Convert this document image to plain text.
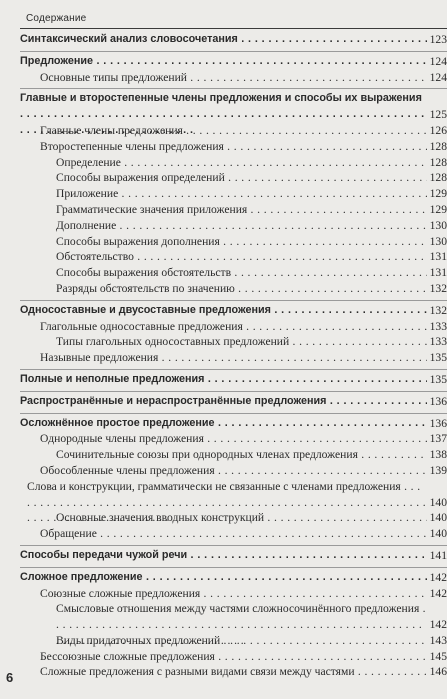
Содержание
Синтаксический анализ словосочетания . . .	123
Предложение . . .	124
Основные типы предложений . . .	124
Главные и второстепенные члены предложения и способы их выражения . . .
125
Главные члены предложения . . .	126
Второстепенные члены предложения . . .	128
Определение . . .	128
Способы выражения определений . . .	128
Приложение . . .	129
Грамматические значения приложения . . .	129
Дополнение . . .	130
Способы выражения дополнения . . .	130
Обстоятельство . . .	131
Способы выражения обстоятельств . . .	131
Разряды обстоятельств по значению . . .	132
Односоставные и двусоставные предложения . . .	132
Глагольные односоставные предложения . . .	133
Типы глагольных односоставных предложений . . .	133
Назывные предложения . . .	135
Полные и неполные предложения . . .	135
Распространённые и нераспространённые предложения . . .	136
Осложнённое простое предложение . . .	136
Однородные члены предложения . . .	137
Сочинительные союзы при однородных членах предложения . . .	138
Обособленные члены предложения . . .	139
Слова и конструкции, грамматически не связанные с членами предложения . . .
140
Основные значения вводных конструкций . . .	140
Обращение . . .	140
Способы передачи чужой речи . . .	141
Сложное предложение . . .	142
Союзные сложные предложения . . .	142
Смысловые отношения между частями сложносочинённого предложения . . .
142
Виды придаточных предложений . . .	143
Бессоюзные сложные предложения . . .	145
Сложные предложения с разными видами связи между частями . . .	146
6
